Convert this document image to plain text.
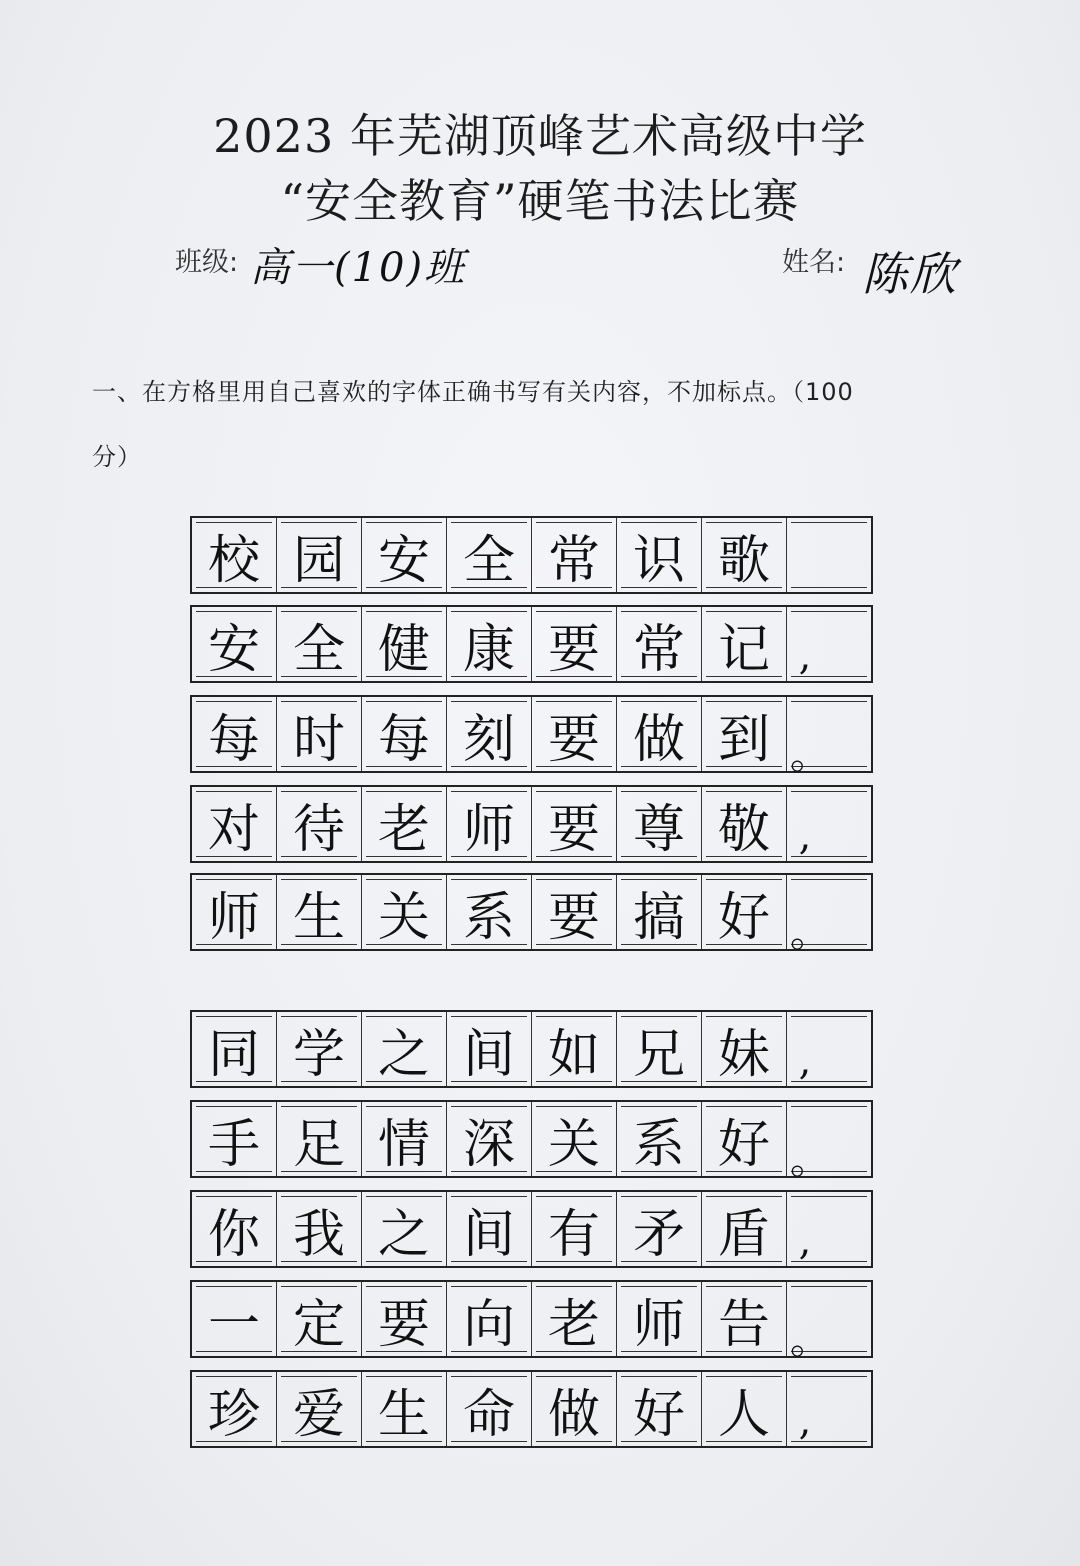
2023 年芜湖顶峰艺术高级中学
“安全教育”硬笔书法比赛
班级: 高一(10)班	姓名: 陈欣
一、在方格里用自己喜欢的字体正确书写有关内容，不加标点。（100
分）
校 园 安 全 常 识 歌
安 全 健 康 要 常 记
每 时 每 刻 要 做 到
对 待 老 师 要 尊 敬
师 生 关 系 要 搞 好
同 学 之 间 如 兄 妹
手 足 情 深 关 系 好
你 我 之 间 有 矛 盾
一 定 要 向 老 师 告
珍 爱 生 命 做 好 人
,
。
,
。
,
。
,
。
,
